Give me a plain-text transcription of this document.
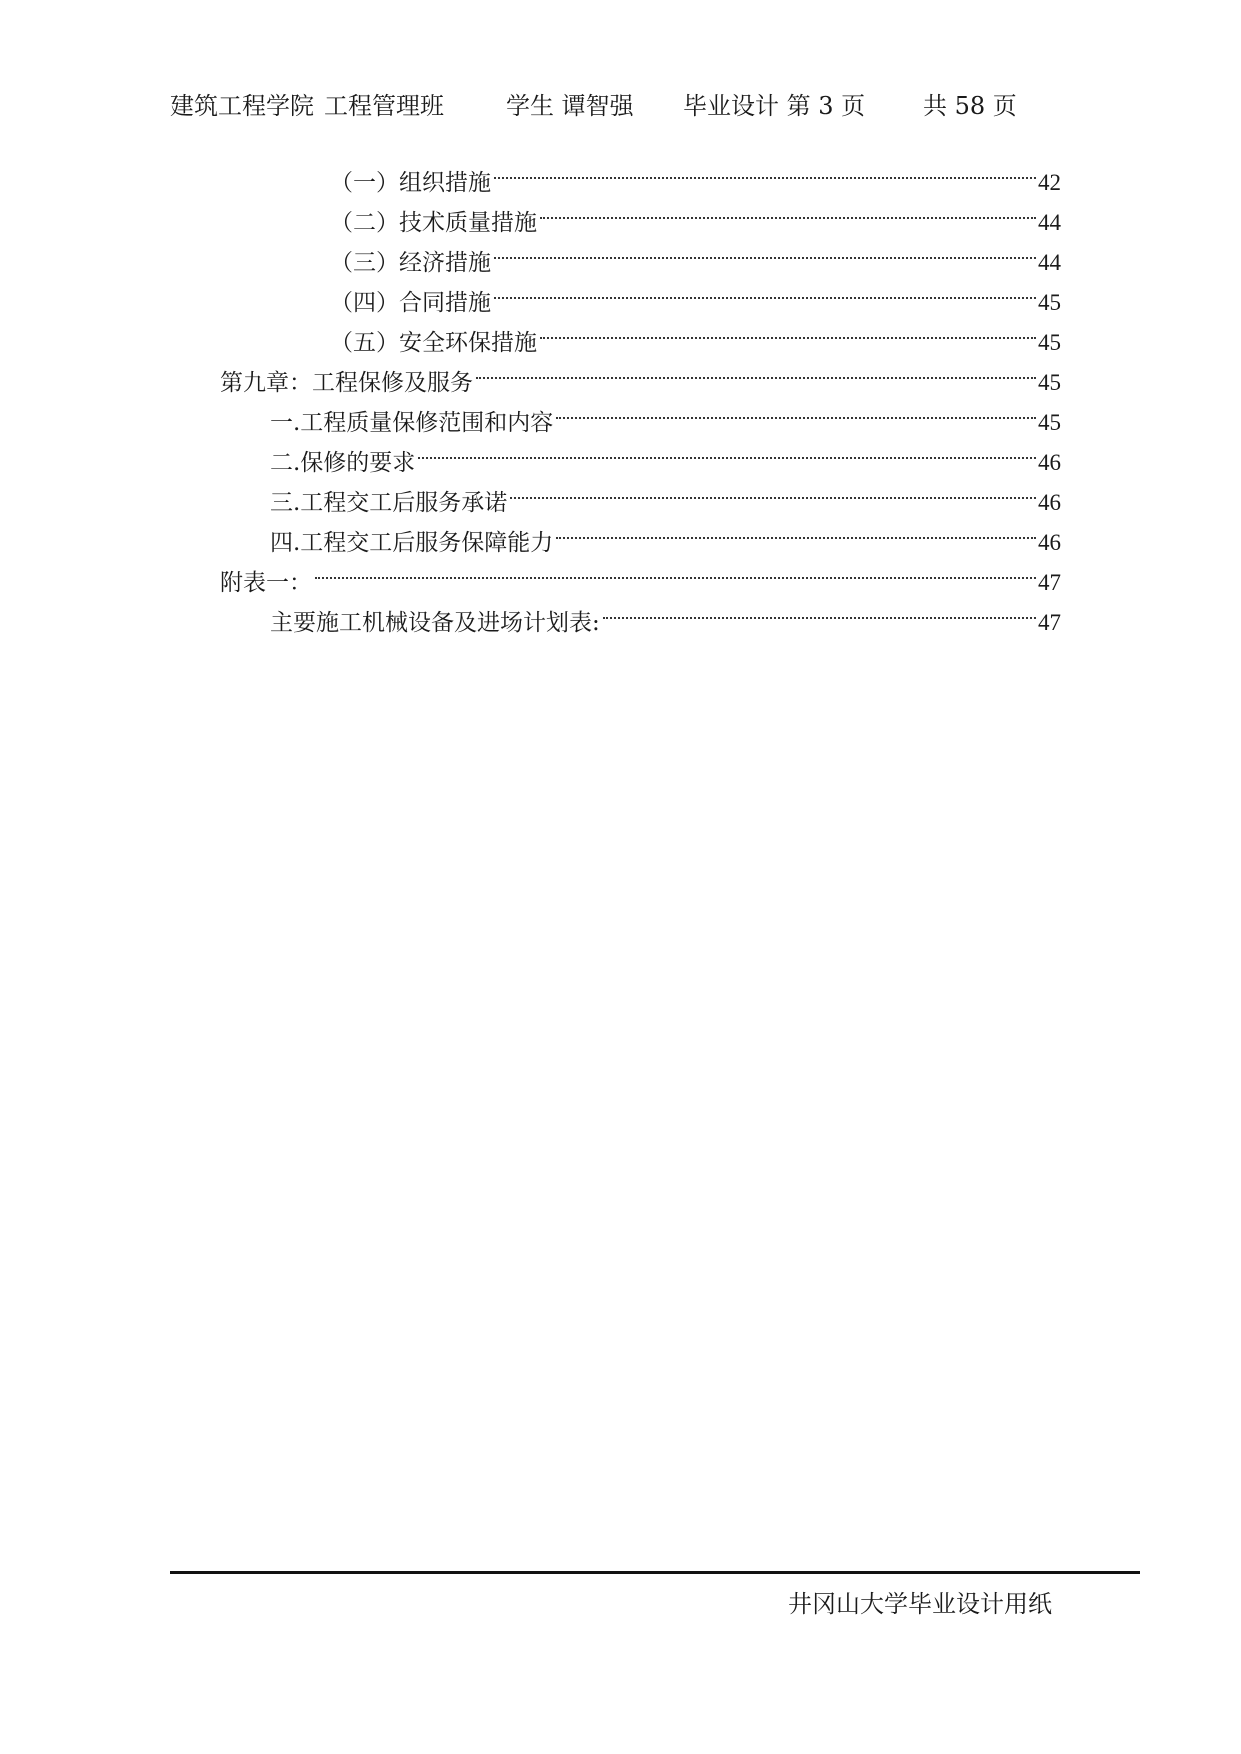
建筑工程学院 工程管理班	学生 谭智强 毕业设计 第 3 页 共 58 页
（一）组织措施	42
（二）技术质量措施	44
（三）经济措施	44
（四）合同措施	45
（五）安全环保措施	45
第九章：工程保修及服务	45
一.工程质量保修范围和内容	45
二.保修的要求	46
三.工程交工后服务承诺	46
四.工程交工后服务保障能力	46
附表一：	47
主要施工机械设备及进场计划表:	47
井冈山大学毕业设计用纸
